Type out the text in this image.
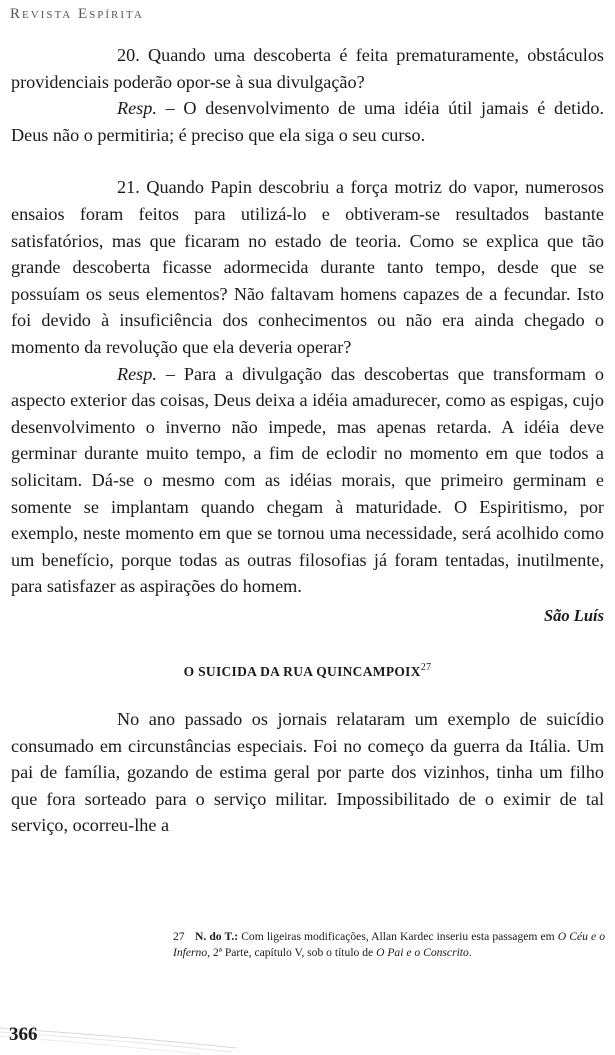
Revista Espírita

20. Quando uma descoberta é feita prematuramente, obstáculos providenciais poderão opor-se à sua divulgação?

Resp. – O desenvolvimento de uma idéia útil jamais é detido. Deus não o permitiria; é preciso que ela siga o seu curso.

21. Quando Papin descobriu a força motriz do vapor, numerosos ensaios foram feitos para utilizá-lo e obtiveram-se resultados bastante satisfatórios, mas que ficaram no estado de teoria. Como se explica que tão grande descoberta ficasse adormecida durante tanto tempo, desde que se possuíam os seus elementos? Não faltavam homens capazes de a fecundar. Isto foi devido à insuficiência dos conhecimentos ou não era ainda chegado o momento da revolução que ela deveria operar?

Resp. – Para a divulgação das descobertas que transformam o aspecto exterior das coisas, Deus deixa a idéia amadurecer, como as espigas, cujo desenvolvimento o inverno não impede, mas apenas retarda. A idéia deve germinar durante muito tempo, a fim de eclodir no momento em que todos a solicitam. Dá-se o mesmo com as idéias morais, que primeiro germinam e somente se implantam quando chegam à maturidade. O Espiritismo, por exemplo, neste momento em que se tornou uma necessidade, será acolhido como um benefício, porque todas as outras filosofias já foram tentadas, inutilmente, para satisfazer as aspirações do homem.

São Luís
O SUICIDA DA RUA QUINCAMPOIX$^{27}$

No ano passado os jornais relataram um exemplo de suicídio consumado em circunstâncias especiais. Foi no começo da guerra da Itália. Um pai de família, gozando de estima geral por parte dos vizinhos, tinha um filho que fora sorteado para o serviço militar. Impossibilitado de o eximir de tal serviço, ocorreu-lhe a

27 N. do T.: Com ligeiras modificações, Allan Kardec inseriu esta passagem em O Céu e o Inferno, 2ª Parte, capítulo V, sob o título de O Pai e o Conscrito.
366
